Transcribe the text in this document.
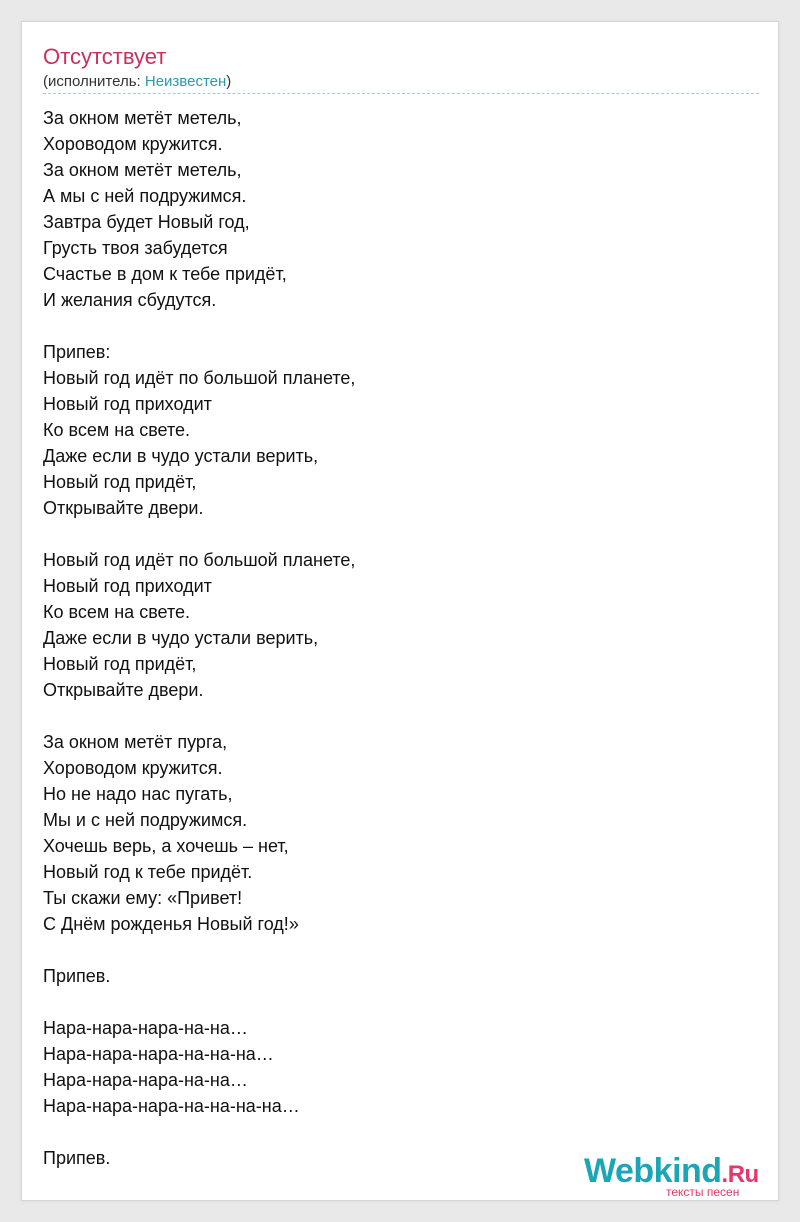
Отсутствует
(исполнитель: Неизвестен)
За окном метёт метель,
Хороводом кружится.
За окном метёт метель,
А мы с ней подружимся.
Завтра будет Новый год,
Грусть твоя забудется
Счастье в дом к тебе придёт,
И желания сбудутся.
Припев:
Новый год идёт по большой планете,
Новый год приходит
Ко всем на свете.
Даже если в чудо устали верить,
Новый год придёт,
Открывайте двери.
Новый год идёт по большой планете,
Новый год приходит
Ко всем на свете.
Даже если в чудо устали верить,
Новый год придёт,
Открывайте двери.
За окном метёт пурга,
Хороводом кружится.
Но не надо нас пугать,
Мы и с ней подружимся.
Хочешь верь, а хочешь – нет,
Новый год к тебе придёт.
Ты скажи ему: «Привет!
С Днём рожденья Новый год!»
Припев.
Нара-нара-нара-на-на…
Нара-нара-нара-на-на-на…
Нара-нара-нара-на-на…
Нара-нара-нара-на-на-на-на…
Припев.	Webkind.Ru
тексты песен
